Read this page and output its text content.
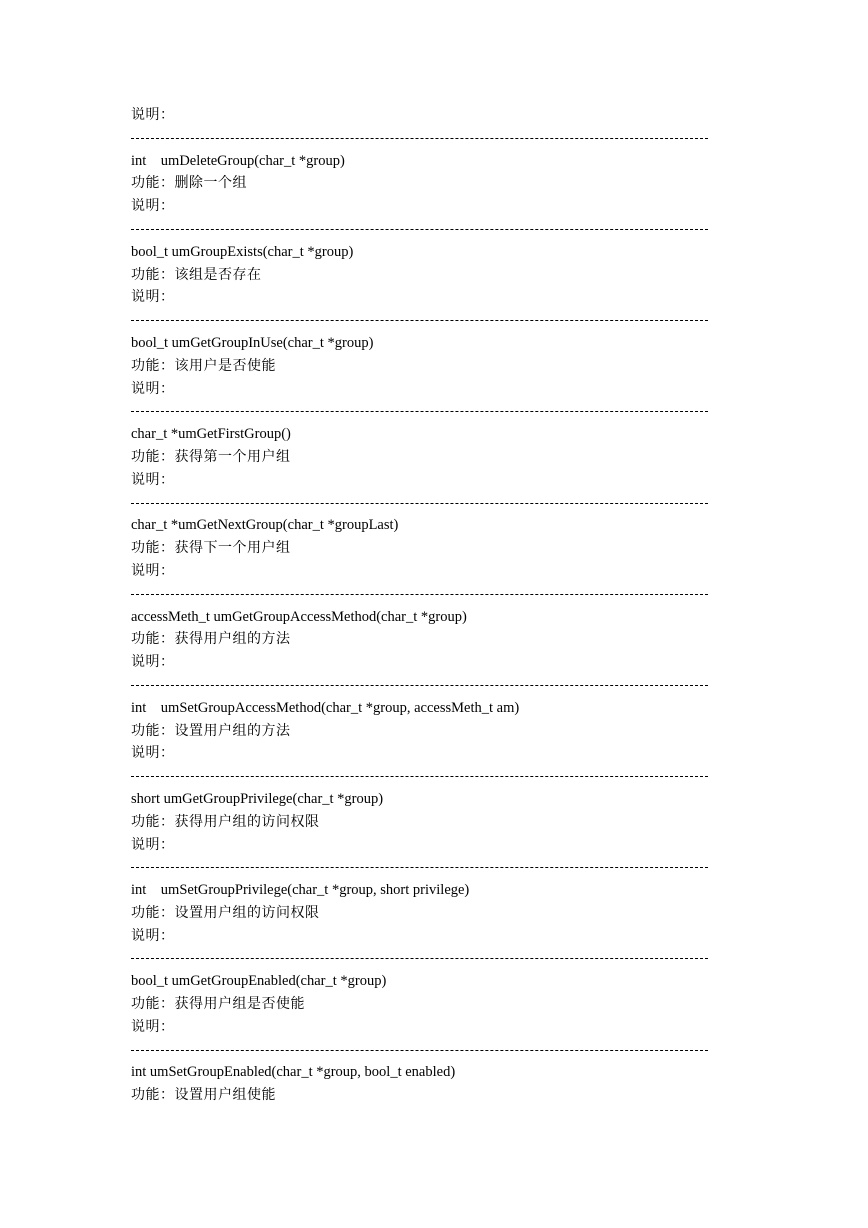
说明：
int    umDeleteGroup(char_t *group)
功能：删除一个组
说明：
bool_t umGroupExists(char_t *group)
功能：该组是否存在
说明：
bool_t umGetGroupInUse(char_t *group)
功能：该用户是否使能
说明：
char_t *umGetFirstGroup()
功能：获得第一个用户组
说明：
char_t *umGetNextGroup(char_t *groupLast)
功能：获得下一个用户组
说明：
accessMeth_t umGetGroupAccessMethod(char_t *group)
功能：获得用户组的方法
说明：
int    umSetGroupAccessMethod(char_t *group, accessMeth_t am)
功能：设置用户组的方法
说明：
short umGetGroupPrivilege(char_t *group)
功能：获得用户组的访问权限
说明：
int    umSetGroupPrivilege(char_t *group, short privilege)
功能：设置用户组的访问权限
说明：
bool_t umGetGroupEnabled(char_t *group)
功能：获得用户组是否使能
说明：
int umSetGroupEnabled(char_t *group, bool_t enabled)
功能：设置用户组使能
